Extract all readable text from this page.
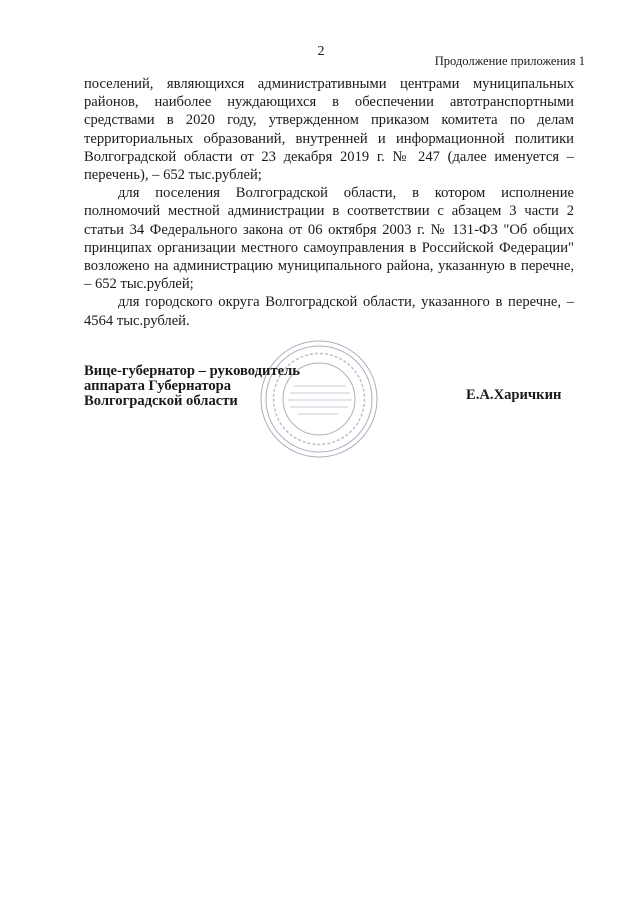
2
Продолжение приложения 1

поселений, являющихся административными центрами муниципальных районов, наиболее нуждающихся в обеспечении автотранспортными средствами в 2020 году, утвержденном приказом комитета по делам территориальных образований, внутренней и информационной политики Волгоградской области от 23 декабря 2019 г. № 247 (далее именуется – перечень), – 652 тыс.рублей;

для поселения Волгоградской области, в котором исполнение полномочий местной администрации в соответствии с абзацем 3 части 2 статьи 34 Федерального закона от 06 октября 2003 г. № 131-ФЗ "Об общих принципах организации местного самоуправления в Российской Федерации" возложено на администрацию муниципального района, указанную в перечне, – 652 тыс.рублей;

для городского округа Волгоградской области, указанного в перечне, – 4564 тыс.рублей.

Вице-губернатор – руководитель
аппарата Губернатора
Волгоградской области	Е.А.Харичкин
